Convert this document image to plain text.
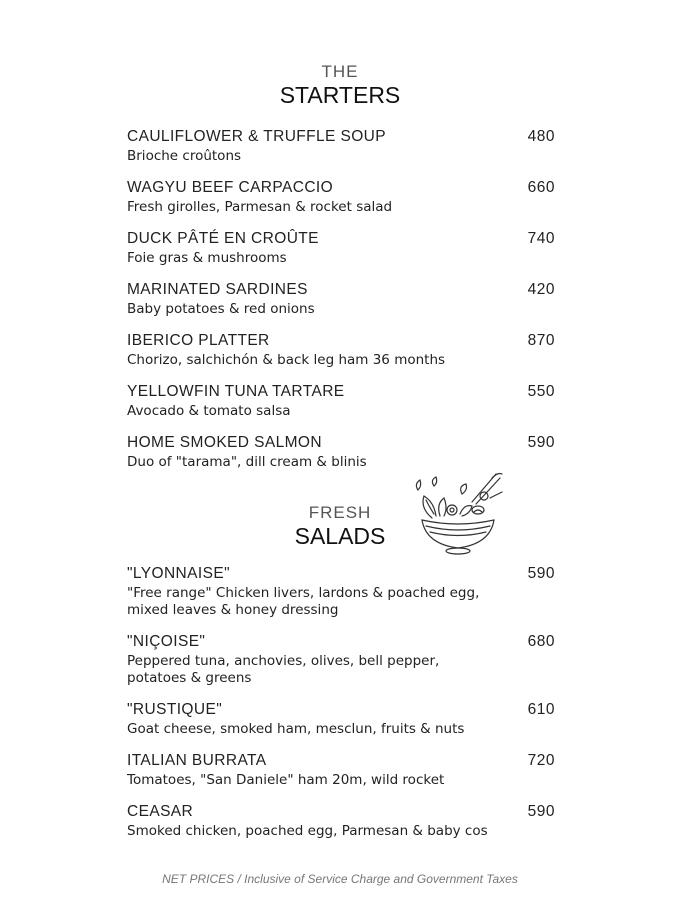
THE
STARTERS
CAULIFLOWER & TRUFFLE SOUP
Brioche croûtons
480
WAGYU BEEF CARPACCIO
Fresh girolles, Parmesan & rocket salad
660
DUCK PÂTÉ EN CROÛTE
Foie gras & mushrooms
740
MARINATED SARDINES
Baby potatoes & red onions
420
IBERICO PLATTER
Chorizo, salchichón & back leg ham 36 months
870
YELLOWFIN TUNA TARTARE
Avocado & tomato salsa
550
HOME SMOKED SALMON
Duo of "tarama", dill cream & blinis
590
FRESH
SALADS
"LYONNAISE"
"Free range" Chicken livers, lardons & poached egg, mixed leaves & honey dressing
590
"NIÇOISE"
Peppered tuna, anchovies, olives, bell pepper, potatoes & greens
680
"RUSTIQUE"
Goat cheese, smoked ham, mesclun, fruits & nuts
610
ITALIAN BURRATA
Tomatoes, "San Daniele" ham 20m, wild rocket
720
CEASAR
Smoked chicken, poached egg, Parmesan & baby cos
590
NET PRICES / Inclusive of Service Charge and Government Taxes
